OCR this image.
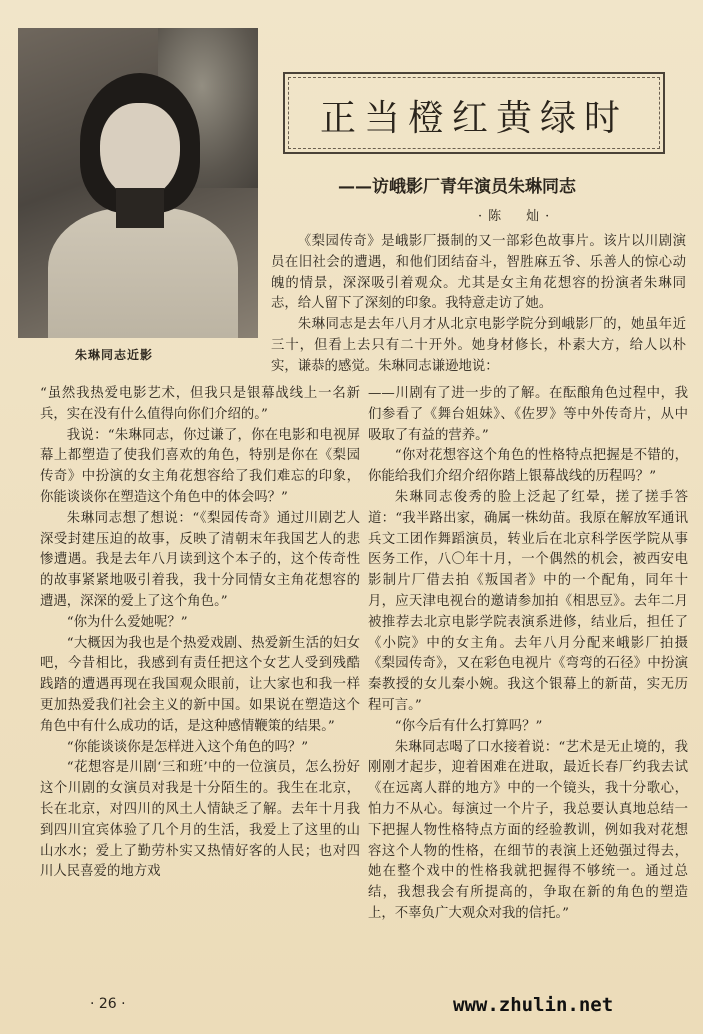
朱琳同志近影
正当橙红黄绿时
——访峨影厂青年演员朱琳同志
·陈　灿·

《梨园传奇》是峨影厂摄制的又一部彩色故事片。该片以川剧演员在旧社会的遭遇，和他们团结奋斗，智胜麻五爷、乐善人的惊心动魄的情景，深深吸引着观众。尤其是女主角花想容的扮演者朱琳同志，给人留下了深刻的印象。我特意走访了她。

朱琳同志是去年八月才从北京电影学院分到峨影厂的，她虽年近三十，但看上去只有二十开外。她身材修长，朴素大方，给人以朴实，谦恭的感觉。朱琳同志谦逊地说：

“虽然我热爱电影艺术，但我只是银幕战线上一名新兵，实在没有什么值得向你们介绍的。”

我说：“朱琳同志，你过谦了，你在电影和电视屏幕上都塑造了使我们喜欢的角色，特别是你在《梨园传奇》中扮演的女主角花想容给了我们难忘的印象，你能谈谈你在塑造这个角色中的体会吗？”

朱琳同志想了想说：“《梨园传奇》通过川剧艺人深受封建压迫的故事，反映了清朝末年我国艺人的悲惨遭遇。我是去年八月读到这个本子的，这个传奇性的故事紧紧地吸引着我，我十分同情女主角花想容的遭遇，深深的爱上了这个角色。”

“你为什么爱她呢？”

“大概因为我也是个热爱戏剧、热爱新生活的妇女吧，今昔相比，我感到有责任把这个女艺人受到残酷践踏的遭遇再现在我国观众眼前，让大家也和我一样更加热爱我们社会主义的新中国。如果说在塑造这个角色中有什么成功的话，是这种感情鞭策的结果。”

“你能谈谈你是怎样进入这个角色的吗？”

“花想容是川剧‘三和班’中的一位演员，怎么扮好这个川剧的女演员对我是十分陌生的。我生在北京，长在北京，对四川的风土人情缺乏了解。去年十月我到四川宜宾体验了几个月的生活，我爱上了这里的山山水水；爱上了勤劳朴实又热情好客的人民；也对四川人民喜爱的地方戏

——川剧有了进一步的了解。在酝酿角色过程中，我们参看了《舞台姐妹》、《佐罗》等中外传奇片，从中吸取了有益的营养。”

“你对花想容这个角色的性格特点把握是不错的，你能给我们介绍介绍你踏上银幕战线的历程吗？”

朱琳同志俊秀的脸上泛起了红晕，搓了搓手答道：“我半路出家，确属一株幼苗。我原在解放军通讯兵文工团作舞蹈演员，转业后在北京科学医学院从事医务工作，八〇年十月，一个偶然的机会，被西安电影制片厂借去拍《叛国者》中的一个配角，同年十月，应天津电视台的邀请参加拍《相思豆》。去年二月被推荐去北京电影学院表演系进修，结业后，担任了《小院》中的女主角。去年八月分配来峨影厂拍摄《梨园传奇》，又在彩色电视片《弯弯的石径》中扮演秦教授的女儿秦小婉。我这个银幕上的新苗，实无历程可言。”

“你今后有什么打算吗？”

朱琳同志喝了口水接着说：“艺术是无止境的，我刚刚才起步，迎着困难在进取，最近长春厂约我去试《在远离人群的地方》中的一个镜头，我十分歌心，怕力不从心。每演过一个片子，我总要认真地总结一下把握人物性格特点方面的经验教训，例如我对花想容这个人物的性格，在细节的表演上还勉强过得去，她在整个戏中的性格我就把握得不够统一。通过总结，我想我会有所提高的，争取在新的角色的塑造上，不辜负广大观众对我的信托。”

· 26 ·	www.zhulin.net
